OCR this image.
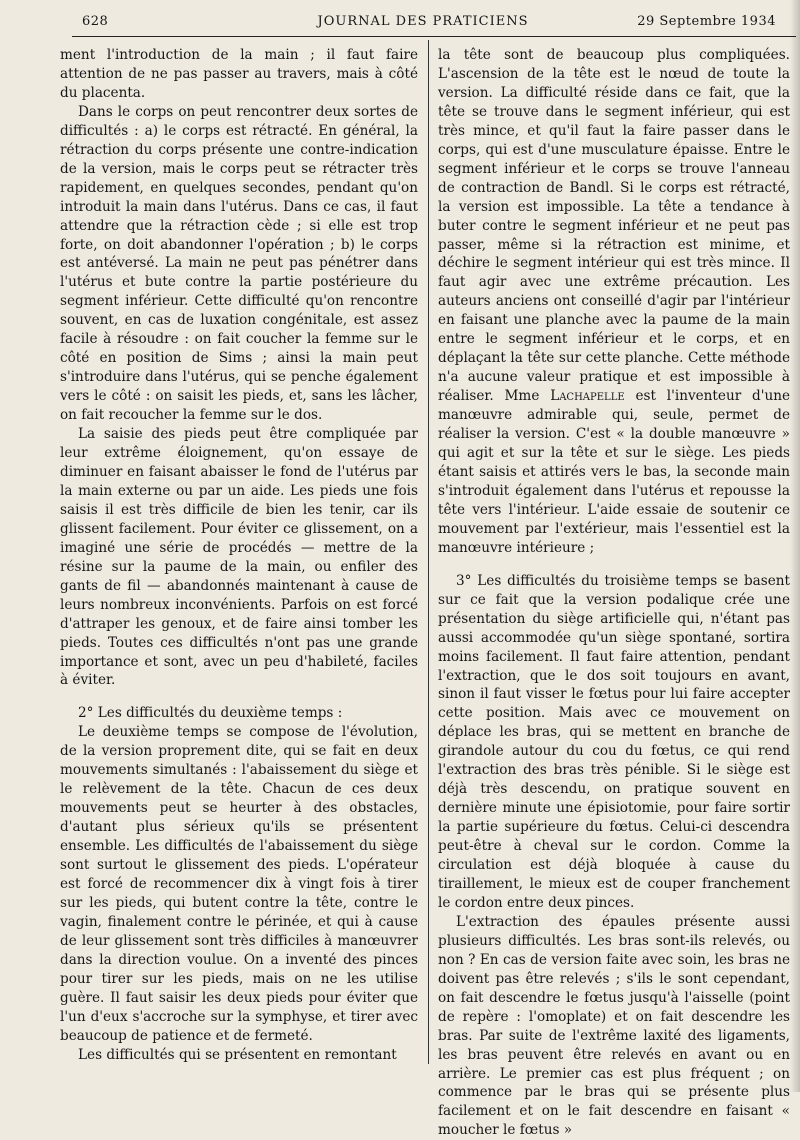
628	JOURNAL DES PRATICIENS	29 Septembre 1934

ment l'introduction de la main ; il faut faire attention de ne pas passer au travers, mais à côté du placenta.

Dans le corps on peut rencontrer deux sortes de difficultés : a) le corps est rétracté. En général, la rétraction du corps présente une contre-indication de la version, mais le corps peut se rétracter très rapidement, en quelques secondes, pendant qu'on introduit la main dans l'utérus. Dans ce cas, il faut attendre que la rétraction cède ; si elle est trop forte, on doit abandonner l'opération ; b) le corps est antéversé. La main ne peut pas pénétrer dans l'utérus et bute contre la partie postérieure du segment inférieur. Cette difficulté qu'on rencontre souvent, en cas de luxation congénitale, est assez facile à résoudre : on fait coucher la femme sur le côté en position de Sims ; ainsi la main peut s'introduire dans l'utérus, qui se penche également vers le côté : on saisit les pieds, et, sans les lâcher, on fait recoucher la femme sur le dos.

La saisie des pieds peut être compliquée par leur extrême éloignement, qu'on essaye de diminuer en faisant abaisser le fond de l'utérus par la main externe ou par un aide. Les pieds une fois saisis il est très difficile de bien les tenir, car ils glissent facilement. Pour éviter ce glissement, on a imaginé une série de procédés — mettre de la résine sur la paume de la main, ou enfiler des gants de fil — abandonnés maintenant à cause de leurs nombreux inconvénients. Parfois on est forcé d'attraper les genoux, et de faire ainsi tomber les pieds. Toutes ces difficultés n'ont pas une grande importance et sont, avec un peu d'habileté, faciles à éviter.

2° Les difficultés du deuxième temps :

Le deuxième temps se compose de l'évolution, de la version proprement dite, qui se fait en deux mouvements simultanés : l'abaissement du siège et le relèvement de la tête. Chacun de ces deux mouvements peut se heurter à des obstacles, d'autant plus sérieux qu'ils se présentent ensemble. Les difficultés de l'abaissement du siège sont surtout le glissement des pieds. L'opérateur est forcé de recommencer dix à vingt fois à tirer sur les pieds, qui butent contre la tête, contre le vagin, finalement contre le périnée, et qui à cause de leur glissement sont très difficiles à manœuvrer dans la direction voulue. On a inventé des pinces pour tirer sur les pieds, mais on ne les utilise guère. Il faut saisir les deux pieds pour éviter que l'un d'eux s'accroche sur la symphyse, et tirer avec beaucoup de patience et de fermeté.

Les difficultés qui se présentent en remontant

la tête sont de beaucoup plus compliquées. L'ascension de la tête est le nœud de toute la version. La difficulté réside dans ce fait, que la tête se trouve dans le segment inférieur, qui est très mince, et qu'il faut la faire passer dans le corps, qui est d'une musculature épaisse. Entre le segment inférieur et le corps se trouve l'anneau de contraction de Bandl. Si le corps est rétracté, la version est impossible. La tête a tendance à buter contre le segment inférieur et ne peut pas passer, même si la rétraction est minime, et déchire le segment intérieur qui est très mince. Il faut agir avec une extrême précaution. Les auteurs anciens ont conseillé d'agir par l'intérieur en faisant une planche avec la paume de la main entre le segment inférieur et le corps, et en déplaçant la tête sur cette planche. Cette méthode n'a aucune valeur pratique et est impossible à réaliser. Mme Lachapelle est l'inventeur d'une manœuvre admirable qui, seule, permet de réaliser la version. C'est « la double manœuvre » qui agit et sur la tête et sur le siège. Les pieds étant saisis et attirés vers le bas, la seconde main s'introduit également dans l'utérus et repousse la tête vers l'intérieur. L'aide essaie de soutenir ce mouvement par l'extérieur, mais l'essentiel est la manœuvre intérieure ;

3° Les difficultés du troisième temps se basent sur ce fait que la version podalique crée une présentation du siège artificielle qui, n'étant pas aussi accommodée qu'un siège spontané, sortira moins facilement. Il faut faire attention, pendant l'extraction, que le dos soit toujours en avant, sinon il faut visser le fœtus pour lui faire accepter cette position. Mais avec ce mouvement on déplace les bras, qui se mettent en branche de girandole autour du cou du fœtus, ce qui rend l'extraction des bras très pénible. Si le siège est déjà très descendu, on pratique souvent en dernière minute une épisiotomie, pour faire sortir la partie supérieure du fœtus. Celui-ci descendra peut-être à cheval sur le cordon. Comme la circulation est déjà bloquée à cause du tiraillement, le mieux est de couper franchement le cordon entre deux pinces.

L'extraction des épaules présente aussi plusieurs difficultés. Les bras sont-ils relevés, ou non ? En cas de version faite avec soin, les bras ne doivent pas être relevés ; s'ils le sont cependant, on fait descendre le fœtus jusqu'à l'aisselle (point de repère : l'omoplate) et on fait descendre les bras. Par suite de l'extrême laxité des ligaments, les bras peuvent être relevés en avant ou en arrière. Le premier cas est plus fréquent ; on commence par le bras qui se présente plus facilement et on le fait descendre en faisant « moucher le fœtus »
